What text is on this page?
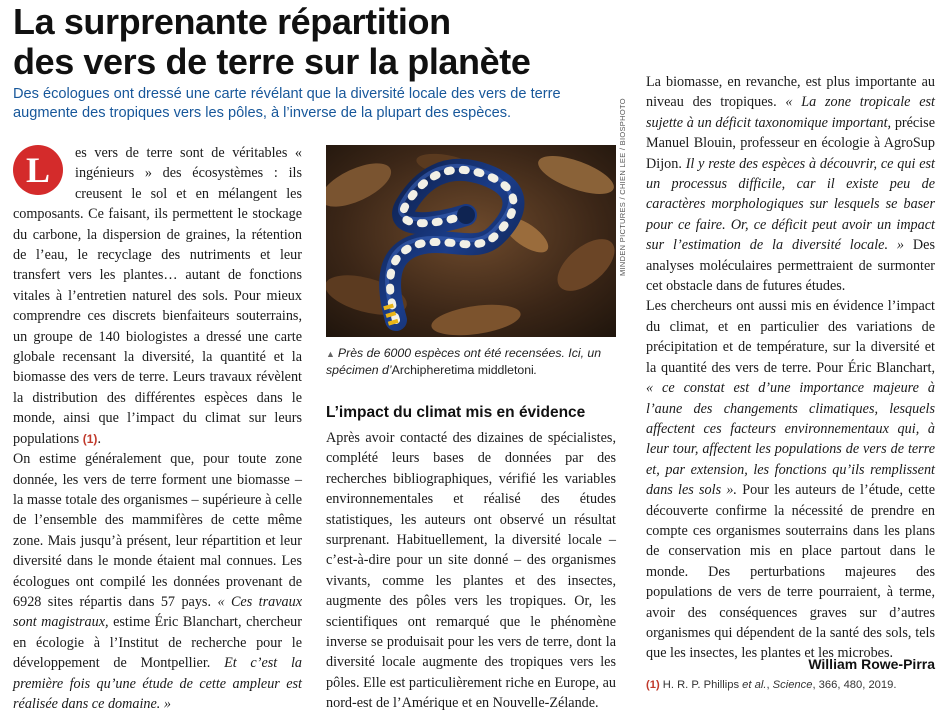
La surprenante répartition
des vers de terre sur la planète

Des écologues ont dressé une carte révélant que la diversité locale des vers de terre augmente des tropiques vers les pôles, à l’inverse de la plupart des espèces.	MINDEN PICTURES / CHIEN LEE / BIOSPHOTO

L	es vers de terre sont de véritables « ingénieurs » des écosystèmes : ils creusent le sol et en mélangent les composants. Ce faisant, ils permettent le stockage du carbone, la dispersion de graines, la rétention de l’eau, le recyclage des nutriments et leur transfert vers les plantes… autant de fonctions vitales à l’entretien naturel des sols. Pour mieux comprendre ces discrets bienfaiteurs souterrains, un groupe de 140 biologistes a dressé une carte globale recensant la diversité, la quantité et la biomasse des vers de terre. Leurs travaux révèlent la distribution des différentes espèces dans le monde, ainsi que l’impact du climat sur leurs populations (1).

On estime généralement que, pour toute zone donnée, les vers de terre forment une biomasse – la masse totale des organismes – supérieure à celle de l’ensemble des mammifères de cette même zone. Mais jusqu’à présent, leur répartition et leur diversité dans le monde étaient mal connues. Les écologues ont compilé les données provenant de 6928 sites répartis dans 57 pays. « Ces travaux sont magistraux, estime Éric Blanchart, chercheur en écologie à l’Institut de recherche pour le développement de Montpellier. Et c’est la première fois qu’une étude de cette ampleur est réalisée dans ce domaine. »

▲ Près de 6000 espèces ont été recensées. Ici, un spécimen d’Archipheretima middletoni.
L’impact du climat mis en évidence

Après avoir contacté des dizaines de spécialistes, complété leurs bases de données par des recherches bibliographiques, vérifié les variables environnementales et réalisé des études statistiques, les auteurs ont observé un résultat surprenant. Habituellement, la diversité locale – c’est-à-dire pour un site donné – des organismes vivants, comme les plantes et des insectes, augmente des pôles vers les tropiques. Or, les scientifiques ont remarqué que le phénomène inverse se produisait pour les vers de terre, dont la diversité locale augmente des tropiques vers les pôles. Elle est particulièrement riche en Europe, au nord-est de l’Amérique et en Nouvelle-Zélande.

La biomasse, en revanche, est plus importante au niveau des tropiques. « La zone tropicale est sujette à un déficit taxonomique important, précise Manuel Blouin, professeur en écologie à AgroSup Dijon. Il y reste des espèces à découvrir, ce qui est un processus difficile, car il existe peu de caractères morphologiques sur lesquels se baser pour ce faire. Or, ce déficit peut avoir un impact sur l’estimation de la diversité locale. » Des analyses moléculaires permettraient de surmonter cet obstacle dans de futures études.

Les chercheurs ont aussi mis en évidence l’impact du climat, et en particulier des variations de précipitation et de température, sur la diversité et la quantité des vers de terre. Pour Éric Blanchart, « ce constat est d’une importance majeure à l’aune des changements climatiques, lesquels affectent ces facteurs environnementaux qui, à leur tour, affectent les populations de vers de terre et, par extension, les fonctions qu’ils remplissent dans les sols ». Pour les auteurs de l’étude, cette découverte confirme la nécessité de prendre en compte ces organismes souterrains dans les plans de conservation mis en place partout dans le monde. Des perturbations majeures des populations de vers de terre pourraient, à terme, avoir des conséquences graves sur d’autres organismes qui dépendent de la santé des sols, tels que les insectes, les plantes et les microbes.

William Rowe-Pirra
(1) H. R. P. Phillips et al., Science, 366, 480, 2019.
